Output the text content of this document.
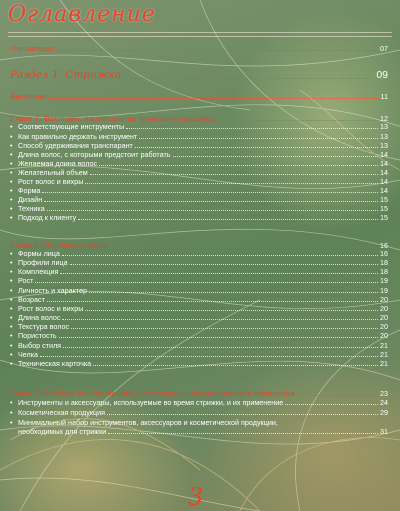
Оглавление
От автора	07
Раздел 1. Стрижка	09
Введение	11
Глава 1. Факторы, влияющие на качество стрижки	12
• Соответствующие инструменты	13
• Как правильно держать инструмент	13
• Способ удерживания транспарант	13
• Длина волос, с которыми предстоит работать	14
• Желаемая длина волос	14
• Желательный объем	14
• Рост волос и вихры	14
• Форма	14
• Дизайн	15
• Техника	15
• Подход к клиенту	15
Глава 2. Пункты анализа	16
• Формы лица	16
• Профили лица	18
• Комплекция	18
• Рост	19
• Личность и характер	19
• Возраст	20
• Рост волос и вихры	20
• Длина волос	20
• Текстура волос	20
• Пористость	20
• Выбор стиля	21
• Челка	21
• Техническая карточка	21
Глава 3. Рабочие инструменты, аксессуары и косметическая продукция	23
• Инструменты и аксессуары, используемые во время стрижки, и их применение	24
• Косметическая продукция	29
• Минимальный набор инструментов, аксессуаров и косметической продукции,
необходимых для стрижки	31
3
